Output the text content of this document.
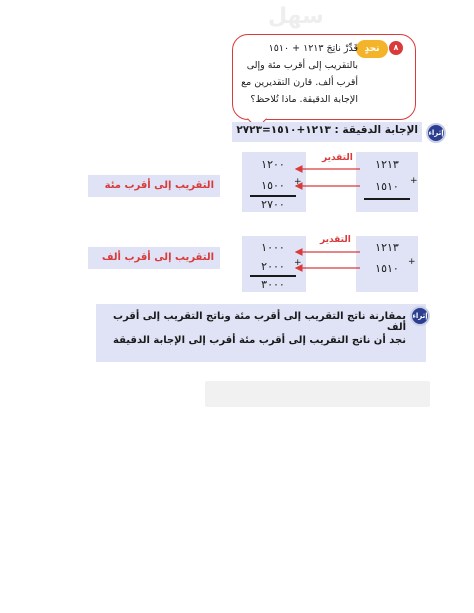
سهل
٨
تحدٍ
قَدِّرْ ناتِجَ ١٢١٣ + ١٥١٠ بالتقريب إلى أقرب مئة وإلى أقرب ألف. قارن التقديرين مع الإجابة الدقيقة. ماذا تُلاحظ؟
الإجابة الدقيقة : ١٢١٣+١٥١٠=٢٧٢٣	إثراء
التقدير	١٢١٣
١٥١٠	+
١٢٠٠
١٥٠٠	+
٢٧٠٠
التقريب إلى أقرب مئة
التقدير
١٢١٣
١٥١٠	+
١٠٠٠
٢٠٠٠	+
٣٠٠٠
التقريب إلى أقرب ألف
إثراء
بمقارنة ناتج التقريب إلى أقرب مئة وناتج التقريب إلى أقرب ألف
نجد أن ناتج التقريب إلى أقرب مئة أقرب إلى الإجابة الدقيقة
